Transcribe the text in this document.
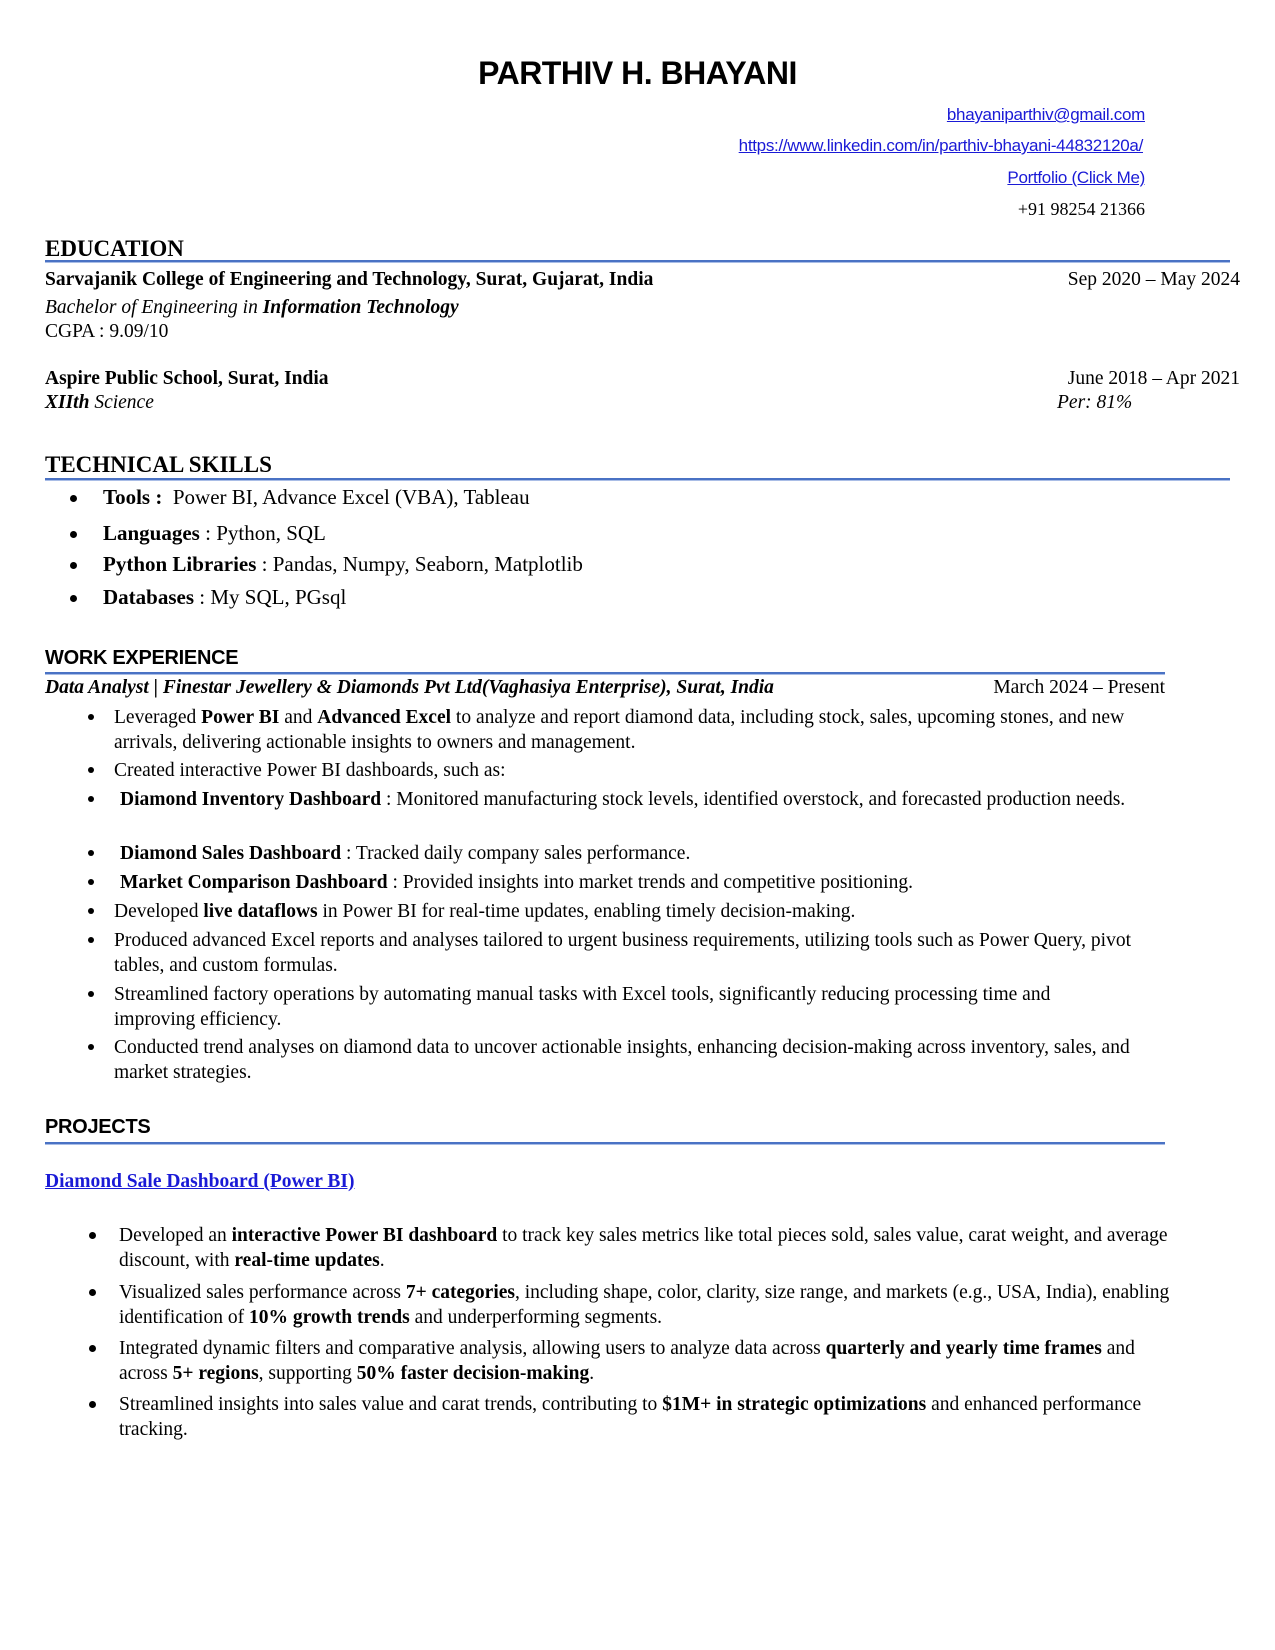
PARTHIV H. BHAYANI
bhayaniparthiv@gmail.com
https://www.linkedin.com/in/parthiv-bhayani-44832120a/
Portfolio (Click Me)
+91 98254 21366
EDUCATION
Sarvajanik College of Engineering and Technology, Surat, Gujarat, India	Sep 2020 – May 2024
Bachelor of Engineering in Information Technology
CGPA : 9.09/10
Aspire Public School, Surat, India	June 2018 – Apr 2021
XIIth Science	Per: 81%
TECHNICAL SKILLS
Tools :  Power BI, Advance Excel (VBA), Tableau
Languages : Python, SQL
Python Libraries : Pandas, Numpy, Seaborn, Matplotlib
Databases : My SQL, PGsql
WORK EXPERIENCE
Data Analyst | Finestar Jewellery & Diamonds Pvt Ltd(Vaghasiya Enterprise), Surat, India	March 2024 – Present
Leveraged Power BI and Advanced Excel to analyze and report diamond data, including stock, sales, upcoming stones, and new arrivals, delivering actionable insights to owners and management.
Created interactive Power BI dashboards, such as:
Diamond Inventory Dashboard : Monitored manufacturing stock levels, identified overstock, and forecasted production needs.
Diamond Sales Dashboard : Tracked daily company sales performance.
Market Comparison Dashboard : Provided insights into market trends and competitive positioning.
Developed live dataflows in Power BI for real-time updates, enabling timely decision-making.
Produced advanced Excel reports and analyses tailored to urgent business requirements, utilizing tools such as Power Query, pivot tables, and custom formulas.
Streamlined factory operations by automating manual tasks with Excel tools, significantly reducing processing time and improving efficiency.
Conducted trend analyses on diamond data to uncover actionable insights, enhancing decision-making across inventory, sales, and market strategies.
PROJECTS
Diamond Sale Dashboard (Power BI)
Developed an interactive Power BI dashboard to track key sales metrics like total pieces sold, sales value, carat weight, and average discount, with real-time updates.
Visualized sales performance across 7+ categories, including shape, color, clarity, size range, and markets (e.g., USA, India), enabling identification of 10% growth trends and underperforming segments.
Integrated dynamic filters and comparative analysis, allowing users to analyze data across quarterly and yearly time frames and across 5+ regions, supporting 50% faster decision-making.
Streamlined insights into sales value and carat trends, contributing to $1M+ in strategic optimizations and enhanced performance tracking.
